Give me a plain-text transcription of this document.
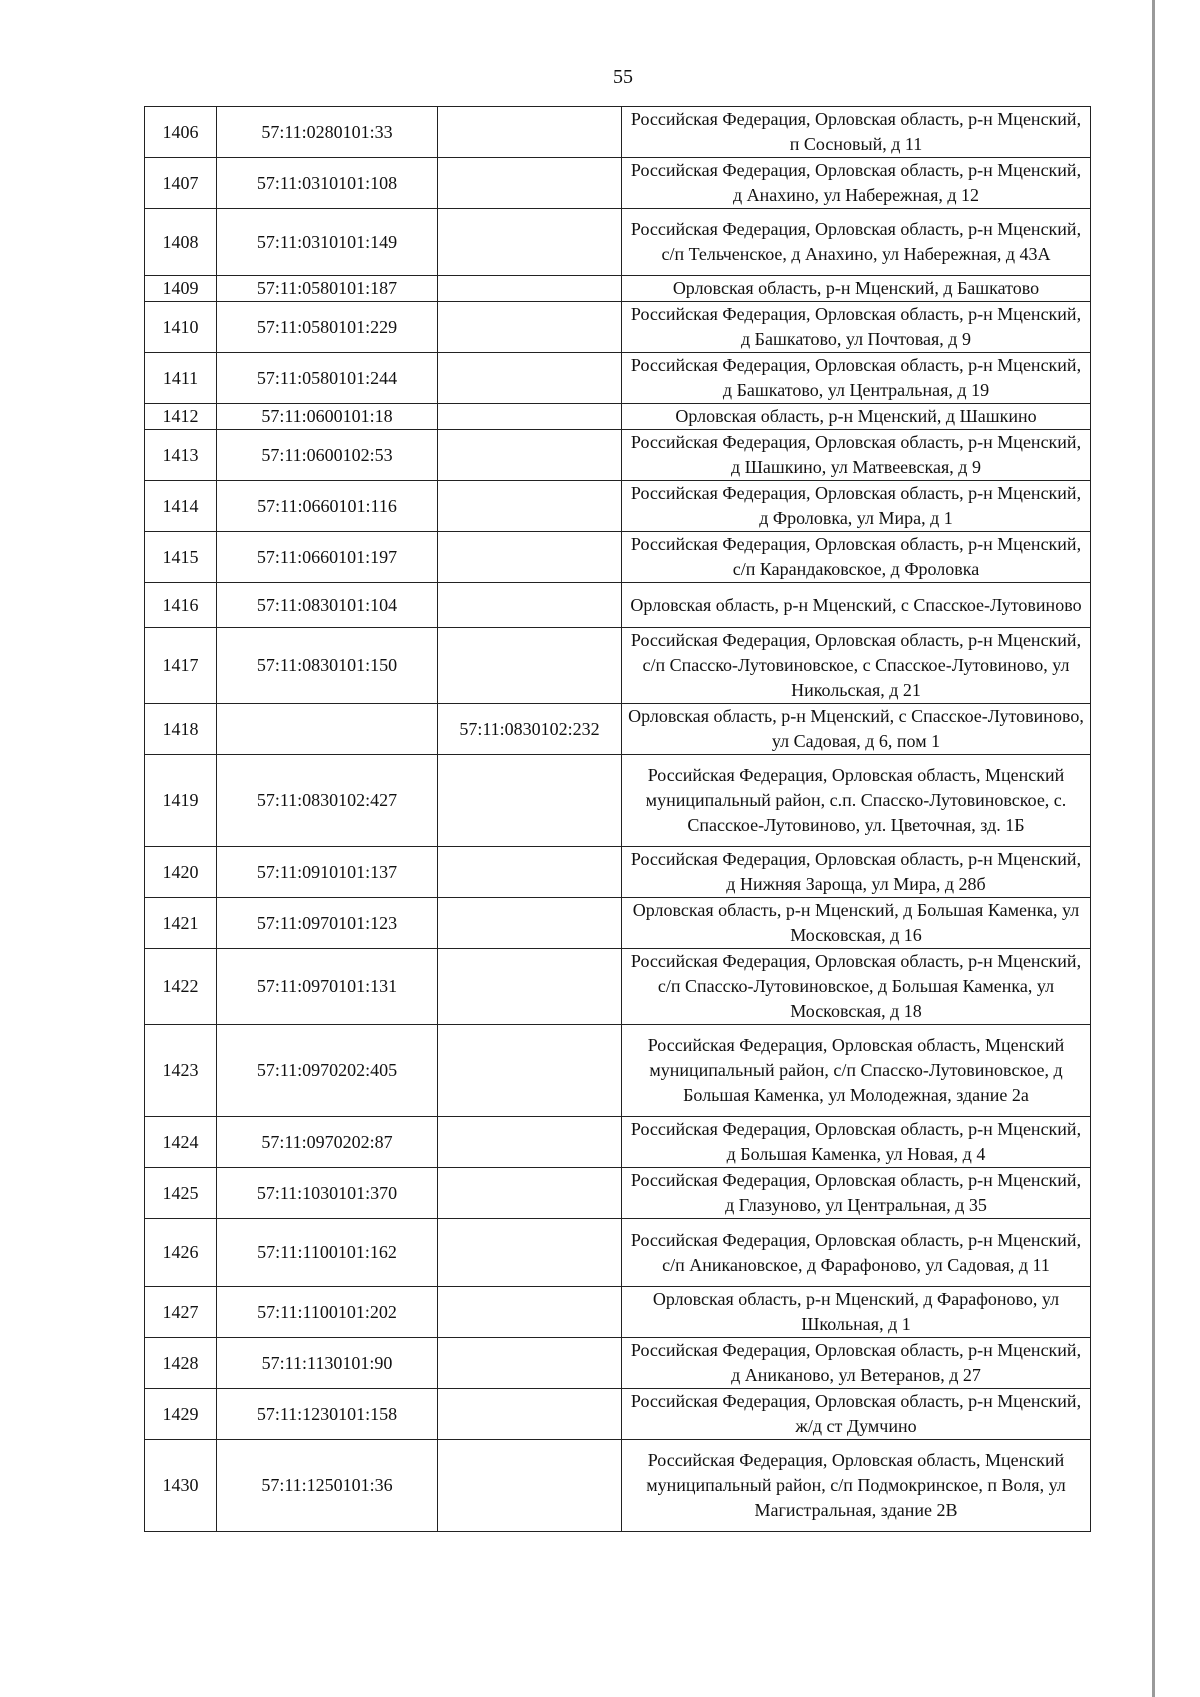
55
1406	57:11:0280101:33		Российская Федерация, Орловская область, р-н Мценский, п Сосновый, д 11
1407	57:11:0310101:108		Российская Федерация, Орловская область, р-н Мценский, д Анахино, ул Набережная, д 12
1408	57:11:0310101:149		Российская Федерация, Орловская область, р-н Мценский, с/п Тельченское, д Анахино, ул Набережная, д 43А
1409	57:11:0580101:187		Орловская область, р-н Мценский, д Башкатово
1410	57:11:0580101:229		Российская Федерация, Орловская область, р-н Мценский, д Башкатово, ул Почтовая, д 9
1411	57:11:0580101:244		Российская Федерация, Орловская область, р-н Мценский, д Башкатово, ул Центральная, д 19
1412	57:11:0600101:18		Орловская область, р-н Мценский, д Шашкино
1413	57:11:0600102:53		Российская Федерация, Орловская область, р-н Мценский, д Шашкино, ул Матвеевская, д 9
1414	57:11:0660101:116		Российская Федерация, Орловская область, р-н Мценский, д Фроловка, ул Мира, д 1
1415	57:11:0660101:197		Российская Федерация, Орловская область, р-н Мценский, с/п Карандаковское, д Фроловка
1416	57:11:0830101:104		Орловская область, р-н Мценский, с Спасское-Лутовиново
1417	57:11:0830101:150		Российская Федерация, Орловская область, р-н Мценский, с/п Спасско-Лутовиновское, с Спасское-Лутовиново, ул Никольская, д 21
1418		57:11:0830102:232	Орловская область, р-н Мценский, с Спасское-Лутовиново, ул Садовая, д 6, пом 1
1419	57:11:0830102:427		Российская Федерация, Орловская область, Мценский муниципальный район, с.п. Спасско-Лутовиновское, с. Спасское-Лутовиново, ул. Цветочная, зд. 1Б
1420	57:11:0910101:137		Российская Федерация, Орловская область, р-н Мценский, д Нижняя Зароща, ул Мира, д 28б
1421	57:11:0970101:123		Орловская область, р-н Мценский, д Большая Каменка, ул Московская, д 16
1422	57:11:0970101:131		Российская Федерация, Орловская область, р-н Мценский, с/п Спасско-Лутовиновское, д Большая Каменка, ул Московская, д 18
1423	57:11:0970202:405		Российская Федерация, Орловская область, Мценский муниципальный район, с/п Спасско-Лутовиновское, д Большая Каменка, ул Молодежная, здание 2а
1424	57:11:0970202:87		Российская Федерация, Орловская область, р-н Мценский, д Большая Каменка, ул Новая, д 4
1425	57:11:1030101:370		Российская Федерация, Орловская область, р-н Мценский, д Глазуново, ул Центральная, д 35
1426	57:11:1100101:162		Российская Федерация, Орловская область, р-н Мценский, с/п Аникановское, д Фарафоново, ул Садовая, д 11
1427	57:11:1100101:202		Орловская область, р-н Мценский, д Фарафоново, ул Школьная, д 1
1428	57:11:1130101:90		Российская Федерация, Орловская область, р-н Мценский, д Аниканово, ул Ветеранов, д 27
1429	57:11:1230101:158		Российская Федерация, Орловская область, р-н Мценский, ж/д ст Думчино
1430	57:11:1250101:36		Российская Федерация, Орловская область, Мценский муниципальный район, с/п Подмокринское, п Воля, ул Магистральная, здание 2В
